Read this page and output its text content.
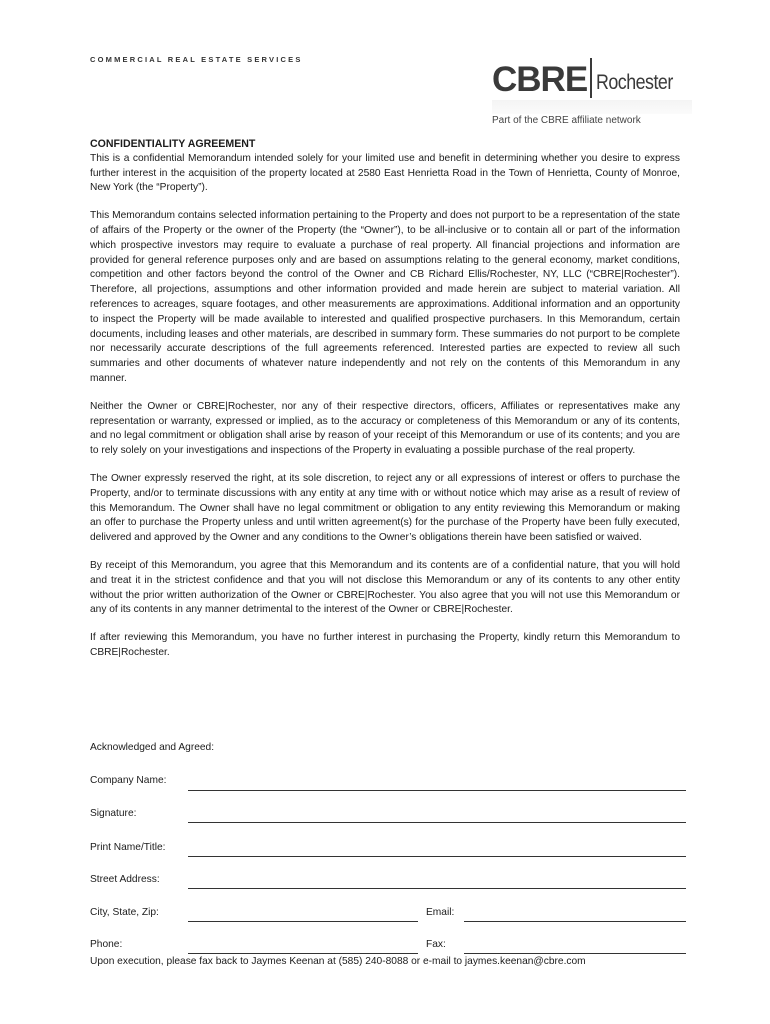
COMMERCIAL REAL ESTATE SERVICES
CBRE Rochester
Part of the CBRE affiliate network

CONFIDENTIALITY AGREEMENT

This is a confidential Memorandum intended solely for your limited use and benefit in determining whether you desire to express further interest in the acquisition of the property located at 2580 East Henrietta Road in the Town of Henrietta, County of Monroe, New York (the “Property”).

This Memorandum contains selected information pertaining to the Property and does not purport to be a representation of the state of affairs of the Property or the owner of the Property (the “Owner”), to be all-inclusive or to contain all or part of the information which prospective investors may require to evaluate a purchase of real property. All financial projections and information are provided for general reference purposes only and are based on assumptions relating to the general economy, market conditions, competition and other factors beyond the control of the Owner and CB Richard Ellis/Rochester, NY, LLC (“CBRE|Rochester”). Therefore, all projections, assumptions and other information provided and made herein are subject to material variation. All references to acreages, square footages, and other measurements are approximations. Additional information and an opportunity to inspect the Property will be made available to interested and qualified prospective purchasers. In this Memorandum, certain documents, including leases and other materials, are described in summary form. These summaries do not purport to be complete nor necessarily accurate descriptions of the full agreements referenced. Interested parties are expected to review all such summaries and other documents of whatever nature independently and not rely on the contents of this Memorandum in any manner.

Neither the Owner or CBRE|Rochester, nor any of their respective directors, officers, Affiliates or representatives make any representation or warranty, expressed or implied, as to the accuracy or completeness of this Memorandum or any of its contents, and no legal commitment or obligation shall arise by reason of your receipt of this Memorandum or use of its contents; and you are to rely solely on your investigations and inspections of the Property in evaluating a possible purchase of the real property.

The Owner expressly reserved the right, at its sole discretion, to reject any or all expressions of interest or offers to purchase the Property, and/or to terminate discussions with any entity at any time with or without notice which may arise as a result of review of this Memorandum. The Owner shall have no legal commitment or obligation to any entity reviewing this Memorandum or making an offer to purchase the Property unless and until written agreement(s) for the purchase of the Property have been fully executed, delivered and approved by the Owner and any conditions to the Owner’s obligations therein have been satisfied or waived.

By receipt of this Memorandum, you agree that this Memorandum and its contents are of a confidential nature, that you will hold and treat it in the strictest confidence and that you will not disclose this Memorandum or any of its contents to any other entity without the prior written authorization of the Owner or CBRE|Rochester. You also agree that you will not use this Memorandum or any of its contents in any manner detrimental to the interest of the Owner or CBRE|Rochester.

If after reviewing this Memorandum, you have no further interest in purchasing the Property, kindly return this Memorandum to CBRE|Rochester.

Acknowledged and Agreed:
Company Name:
Signature:
Print Name/Title:
Street Address:
City, State, Zip:	Email:
Phone:	Fax:
Upon execution, please fax back to Jaymes Keenan at (585) 240-8088 or e-mail to jaymes.keenan@cbre.com
